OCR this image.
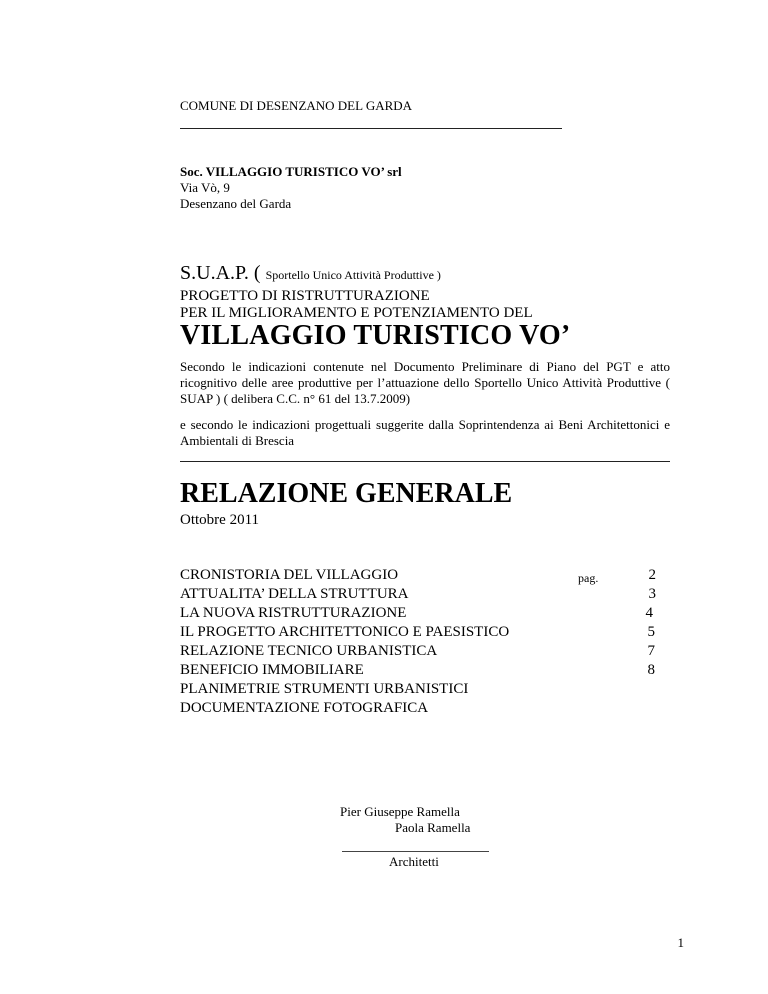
COMUNE DI DESENZANO DEL GARDA
Soc. VILLAGGIO TURISTICO VO’ srl
Via Vò, 9
Desenzano del Garda
S.U.A.P. ( Sportello Unico Attività Produttive )
PROGETTO DI RISTRUTTURAZIONE
PER IL MIGLIORAMENTO E POTENZIAMENTO DEL
VILLAGGIO TURISTICO VO’
Secondo le indicazioni contenute nel Documento Preliminare di Piano del PGT e atto ricognitivo delle aree produttive per l’attuazione dello Sportello Unico Attività Produttive ( SUAP ) ( delibera C.C. n° 61 del 13.7.2009)
e secondo le indicazioni progettuali suggerite dalla Soprintendenza ai Beni Architettonici e Ambientali di Brescia
RELAZIONE GENERALE
Ottobre 2011
pag.
CRONISTORIA DEL VILLAGGIO	2
ATTUALITA’ DELLA STRUTTURA	3
LA NUOVA RISTRUTTURAZIONE	4
IL PROGETTO ARCHITETTONICO E PAESISTICO	5
RELAZIONE TECNICO URBANISTICA	7
BENEFICIO IMMOBILIARE	8
PLANIMETRIE STRUMENTI URBANISTICI
DOCUMENTAZIONE FOTOGRAFICA
Pier Giuseppe Ramella
Paola Ramella
Architetti
1
